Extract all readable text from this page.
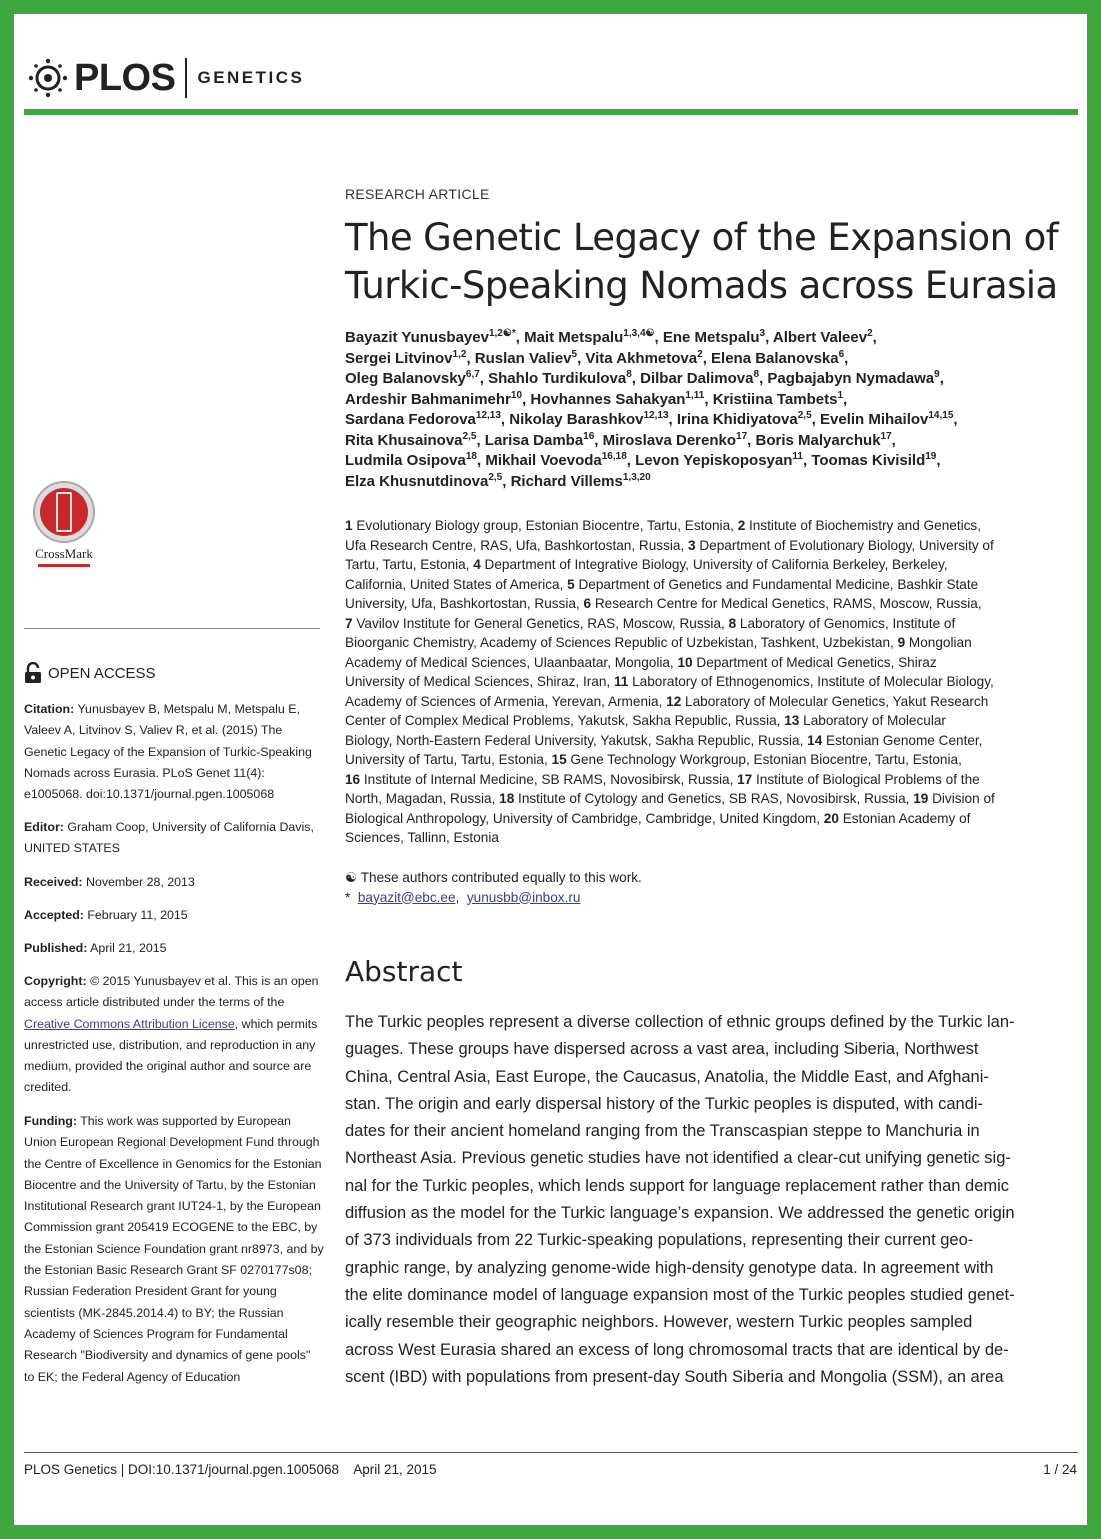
PLOS GENETICS
RESEARCH ARTICLE
The Genetic Legacy of the Expansion of
Turkic-Speaking Nomads across Eurasia
Bayazit Yunusbayev$^{1,2☯*}$, Mait Metspalu$^{1,3,4☯}$, Ene Metspalu$^3$, Albert Valeev$^2$,
Sergei Litvinov$^{1,2}$, Ruslan Valiev$^5$, Vita Akhmetova$^2$, Elena Balanovska$^6$,
Oleg Balanovsky$^{6,7}$, Shahlo Turdikulova$^8$, Dilbar Dalimova$^8$, Pagbajabyn Nymadawa$^9$,
Ardeshir Bahmanimehr$^{10}$, Hovhannes Sahakyan$^{1,11}$, Kristiina Tambets$^1$,
Sardana Fedorova$^{12,13}$, Nikolay Barashkov$^{12,13}$, Irina Khidiyatova$^{2,5}$, Evelin Mihailov$^{14,15}$,
Rita Khusainova$^{2,5}$, Larisa Damba$^{16}$, Miroslava Derenko$^{17}$, Boris Malyarchuk$^{17}$,
Ludmila Osipova$^{18}$, Mikhail Voevoda$^{16,18}$, Levon Yepiskoposyan$^{11}$, Toomas Kivisild$^{19}$,
Elza Khusnutdinova$^{2,5}$, Richard Villems$^{1,3,20}$
1 Evolutionary Biology group, Estonian Biocentre, Tartu, Estonia, 2 Institute of Biochemistry and Genetics,
Ufa Research Centre, RAS, Ufa, Bashkortostan, Russia, 3 Department of Evolutionary Biology, University of
Tartu, Tartu, Estonia, 4 Department of Integrative Biology, University of California Berkeley, Berkeley,
California, United States of America, 5 Department of Genetics and Fundamental Medicine, Bashkir State
University, Ufa, Bashkortostan, Russia, 6 Research Centre for Medical Genetics, RAMS, Moscow, Russia,
7 Vavilov Institute for General Genetics, RAS, Moscow, Russia, 8 Laboratory of Genomics, Institute of
Bioorganic Chemistry, Academy of Sciences Republic of Uzbekistan, Tashkent, Uzbekistan, 9 Mongolian
Academy of Medical Sciences, Ulaanbaatar, Mongolia, 10 Department of Medical Genetics, Shiraz
University of Medical Sciences, Shiraz, Iran, 11 Laboratory of Ethnogenomics, Institute of Molecular Biology,
Academy of Sciences of Armenia, Yerevan, Armenia, 12 Laboratory of Molecular Genetics, Yakut Research
Center of Complex Medical Problems, Yakutsk, Sakha Republic, Russia, 13 Laboratory of Molecular
Biology, North-Eastern Federal University, Yakutsk, Sakha Republic, Russia, 14 Estonian Genome Center,
University of Tartu, Tartu, Estonia, 15 Gene Technology Workgroup, Estonian Biocentre, Tartu, Estonia,
16 Institute of Internal Medicine, SB RAMS, Novosibirsk, Russia, 17 Institute of Biological Problems of the
North, Magadan, Russia, 18 Institute of Cytology and Genetics, SB RAS, Novosibirsk, Russia, 19 Division of
Biological Anthropology, University of Cambridge, Cambridge, United Kingdom, 20 Estonian Academy of
Sciences, Tallinn, Estonia
☯ These authors contributed equally to this work.
*  bayazit@ebc.ee,  yunusbb@inbox.ru
Abstract
The Turkic peoples represent a diverse collection of ethnic groups defined by the Turkic lan-
guages. These groups have dispersed across a vast area, including Siberia, Northwest
China, Central Asia, East Europe, the Caucasus, Anatolia, the Middle East, and Afghani-
stan. The origin and early dispersal history of the Turkic peoples is disputed, with candi-
dates for their ancient homeland ranging from the Transcaspian steppe to Manchuria in
Northeast Asia. Previous genetic studies have not identified a clear-cut unifying genetic sig-
nal for the Turkic peoples, which lends support for language replacement rather than demic
diffusion as the model for the Turkic language’s expansion. We addressed the genetic origin
of 373 individuals from 22 Turkic-speaking populations, representing their current geo-
graphic range, by analyzing genome-wide high-density genotype data. In agreement with
the elite dominance model of language expansion most of the Turkic peoples studied genet-
ically resemble their geographic neighbors. However, western Turkic peoples sampled
across West Eurasia shared an excess of long chromosomal tracts that are identical by de-
scent (IBD) with populations from present-day South Siberia and Mongolia (SSM), an area
CrossMark
OPEN ACCESS
Citation: Yunusbayev B, Metspalu M, Metspalu E, Valeev A, Litvinov S, Valiev R, et al. (2015) The Genetic Legacy of the Expansion of Turkic-Speaking Nomads across Eurasia. PLoS Genet 11(4): e1005068. doi:10.1371/journal.pgen.1005068
Editor: Graham Coop, University of California Davis, UNITED STATES
Received: November 28, 2013
Accepted: February 11, 2015
Published: April 21, 2015
Copyright: © 2015 Yunusbayev et al. This is an open access article distributed under the terms of the Creative Commons Attribution License, which permits unrestricted use, distribution, and reproduction in any medium, provided the original author and source are credited.
Funding: This work was supported by European Union European Regional Development Fund through the Centre of Excellence in Genomics for the Estonian Biocentre and the University of Tartu, by the Estonian Institutional Research grant IUT24-1, by the European Commission grant 205419 ECOGENE to the EBC, by the Estonian Science Foundation grant nr8973, and by the Estonian Basic Research Grant SF 0270177s08; Russian Federation President Grant for young scientists (MK-2845.2014.4) to BY; the Russian Academy of Sciences Program for Fundamental Research "Biodiversity and dynamics of gene pools" to EK; the Federal Agency of Education
PLOS Genetics | DOI:10.1371/journal.pgen.1005068    April 21, 2015	1 / 24
